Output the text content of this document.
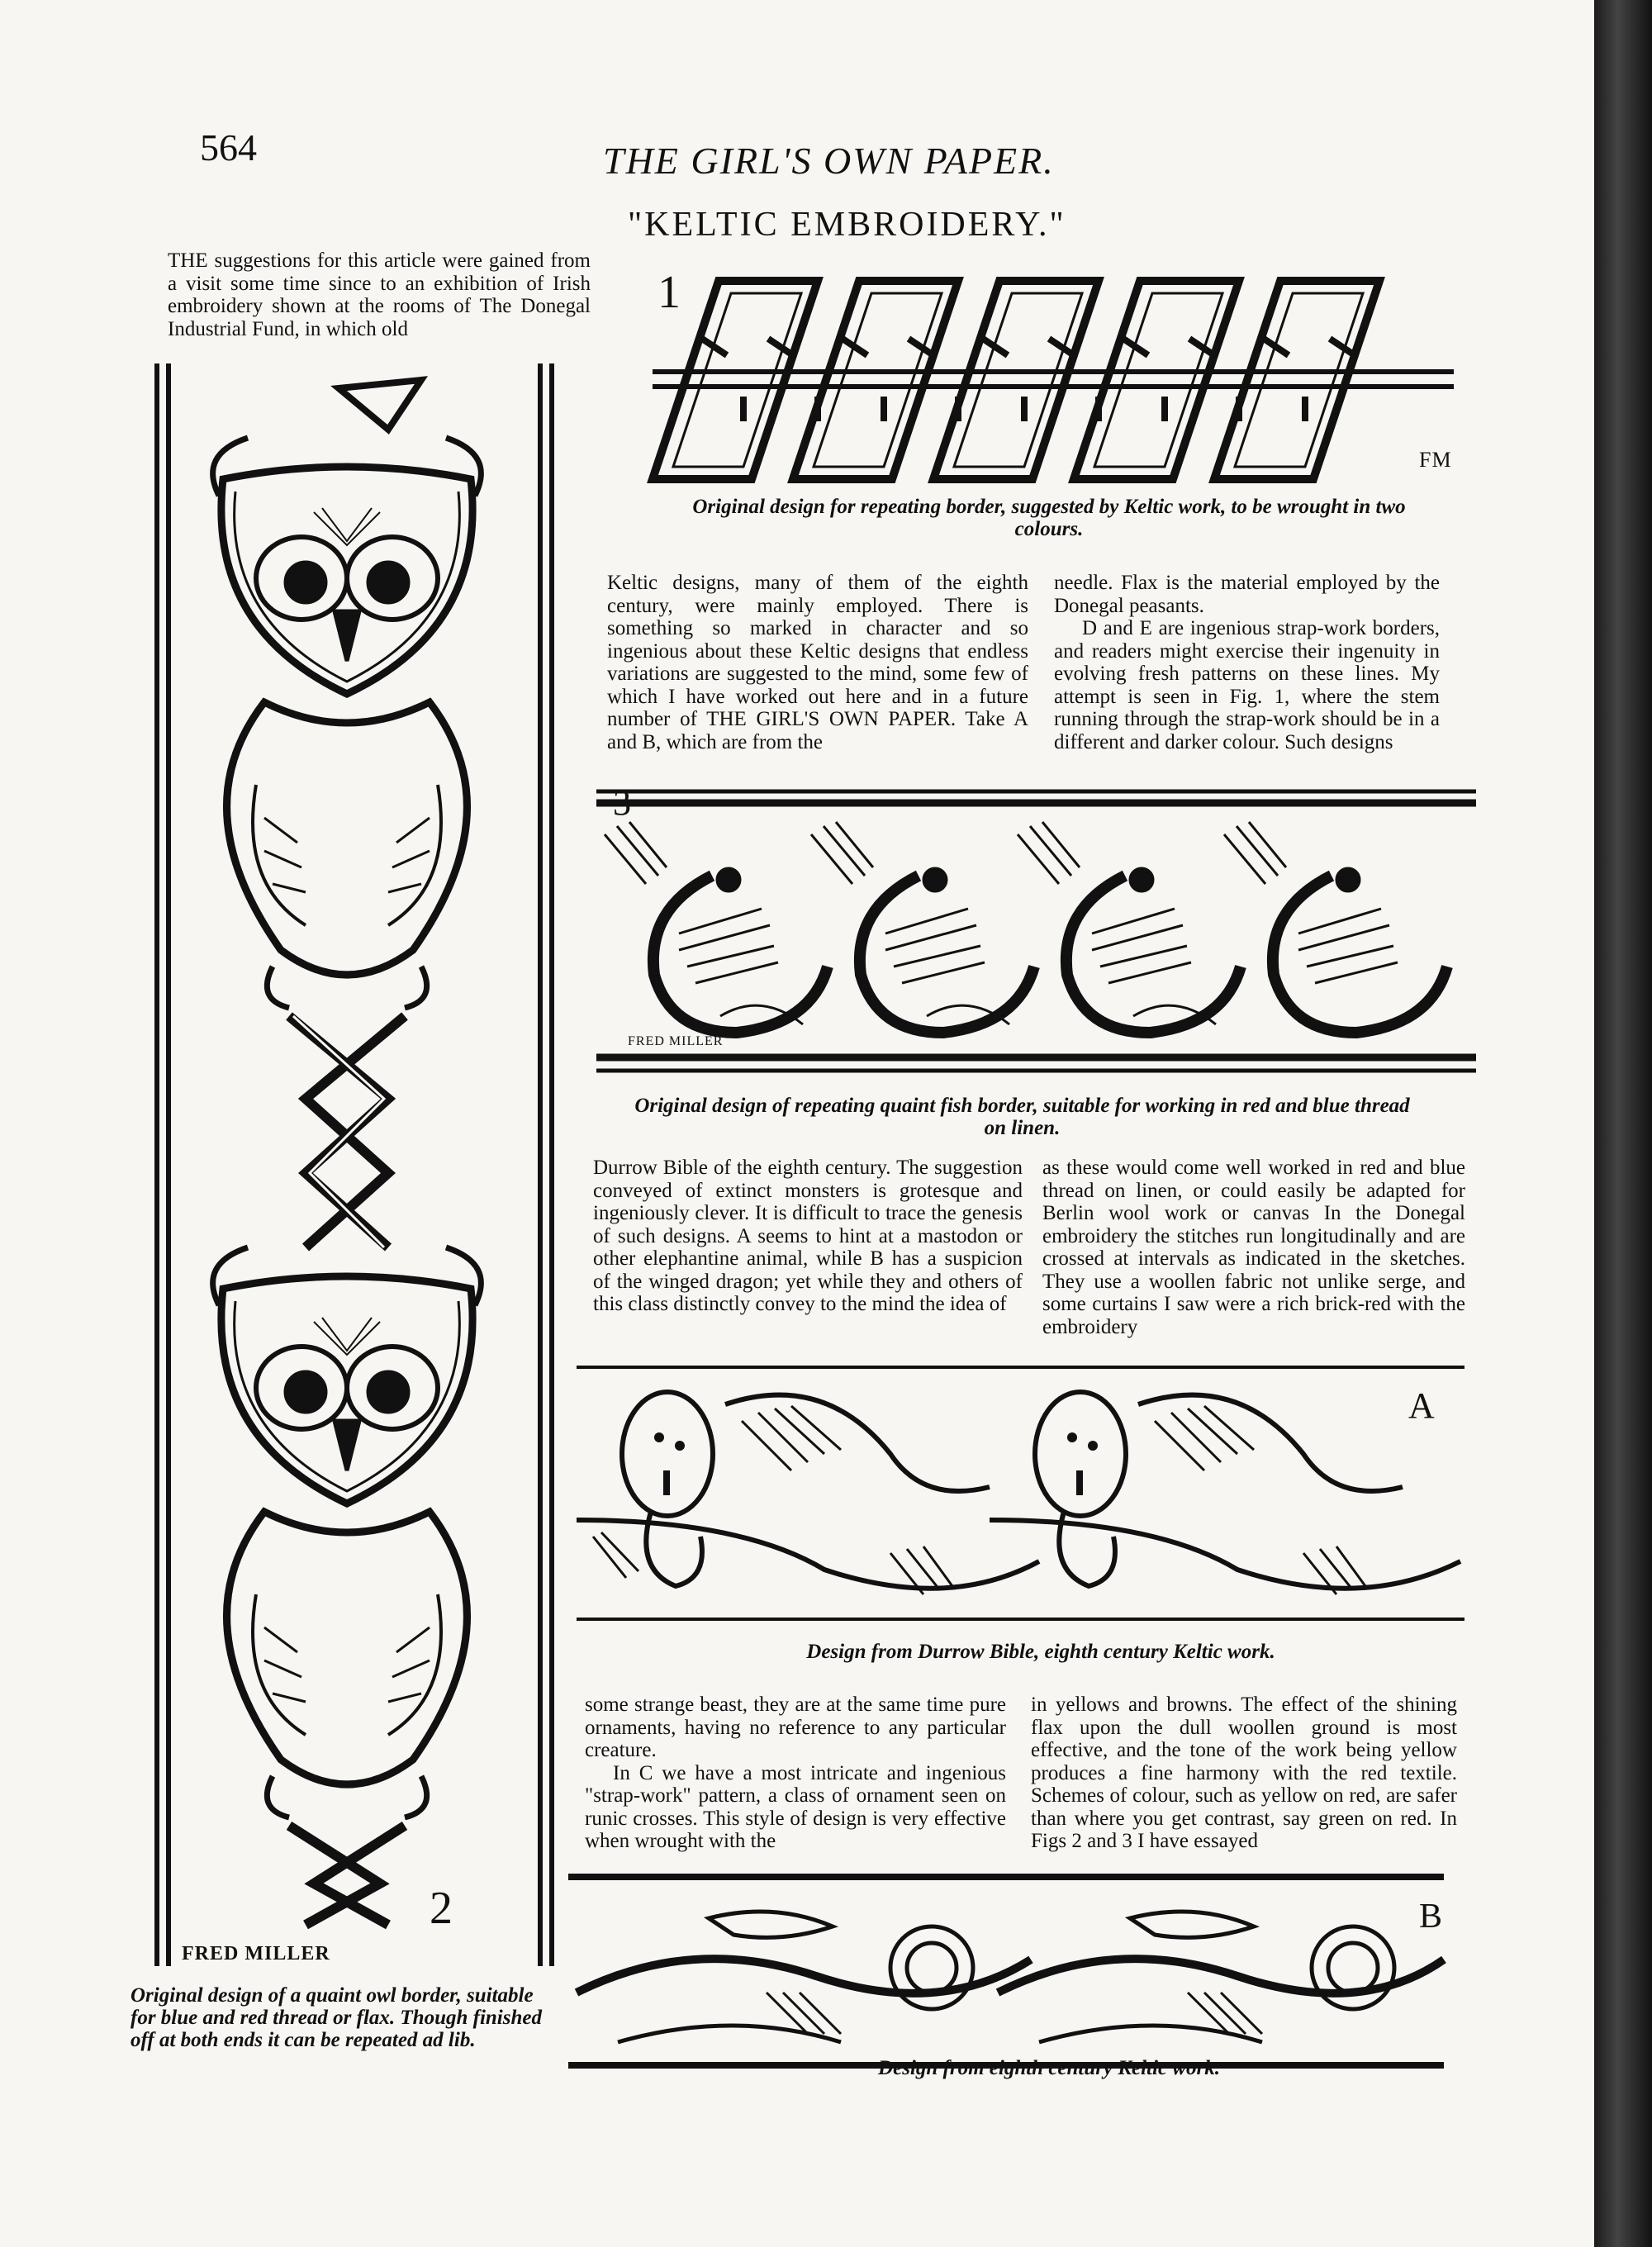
564	THE GIRL'S OWN PAPER.
"KELTIC EMBROIDERY."

THE suggestions for this article were gained from a visit some time since to an exhibition of Irish embroidery shown at the rooms of The Donegal Industrial Fund, in which old

2
FRED MILLER
Original design of a quaint owl border, suitable for blue and red thread or flax. Though finished off at both ends it can be repeated ad lib.
1
FM
Original design for repeating border, suggested by Keltic work, to be wrought in two colours.

Keltic designs, many of them of the eighth century, were mainly employed. There is something so marked in character and so ingenious about these Keltic designs that endless variations are suggested to the mind, some few of which I have worked out here and in a future number of THE GIRL'S OWN PAPER. Take A and B, which are from the

needle. Flax is the material employed by the Donegal peasants.

D and E are ingenious strap-work borders, and readers might exercise their ingenuity in evolving fresh patterns on these lines. My attempt is seen in Fig. 1, where the stem running through the strap-work should be in a different and darker colour. Such designs

3
FRED MILLER
Original design of repeating quaint fish border, suitable for working in red and blue thread on linen.

Durrow Bible of the eighth century. The suggestion conveyed of extinct monsters is grotesque and ingeniously clever. It is difficult to trace the genesis of such designs. A seems to hint at a mastodon or other elephantine animal, while B has a suspicion of the winged dragon; yet while they and others of this class distinctly convey to the mind the idea of

as these would come well worked in red and blue thread on linen, or could easily be adapted for Berlin wool work or canvas In the Donegal embroidery the stitches run longitudinally and are crossed at intervals as indicated in the sketches. They use a woollen fabric not unlike serge, and some curtains I saw were a rich brick-red with the embroidery

A
Design from Durrow Bible, eighth century Keltic work.

some strange beast, they are at the same time pure ornaments, having no reference to any particular creature.

In C we have a most intricate and ingenious "strap-work" pattern, a class of ornament seen on runic crosses. This style of design is very effective when wrought with the

in yellows and browns. The effect of the shining flax upon the dull woollen ground is most effective, and the tone of the work being yellow produces a fine harmony with the red textile. Schemes of colour, such as yellow on red, are safer than where you get contrast, say green on red. In Figs 2 and 3 I have essayed

B
Design from eighth century Keltic work.
